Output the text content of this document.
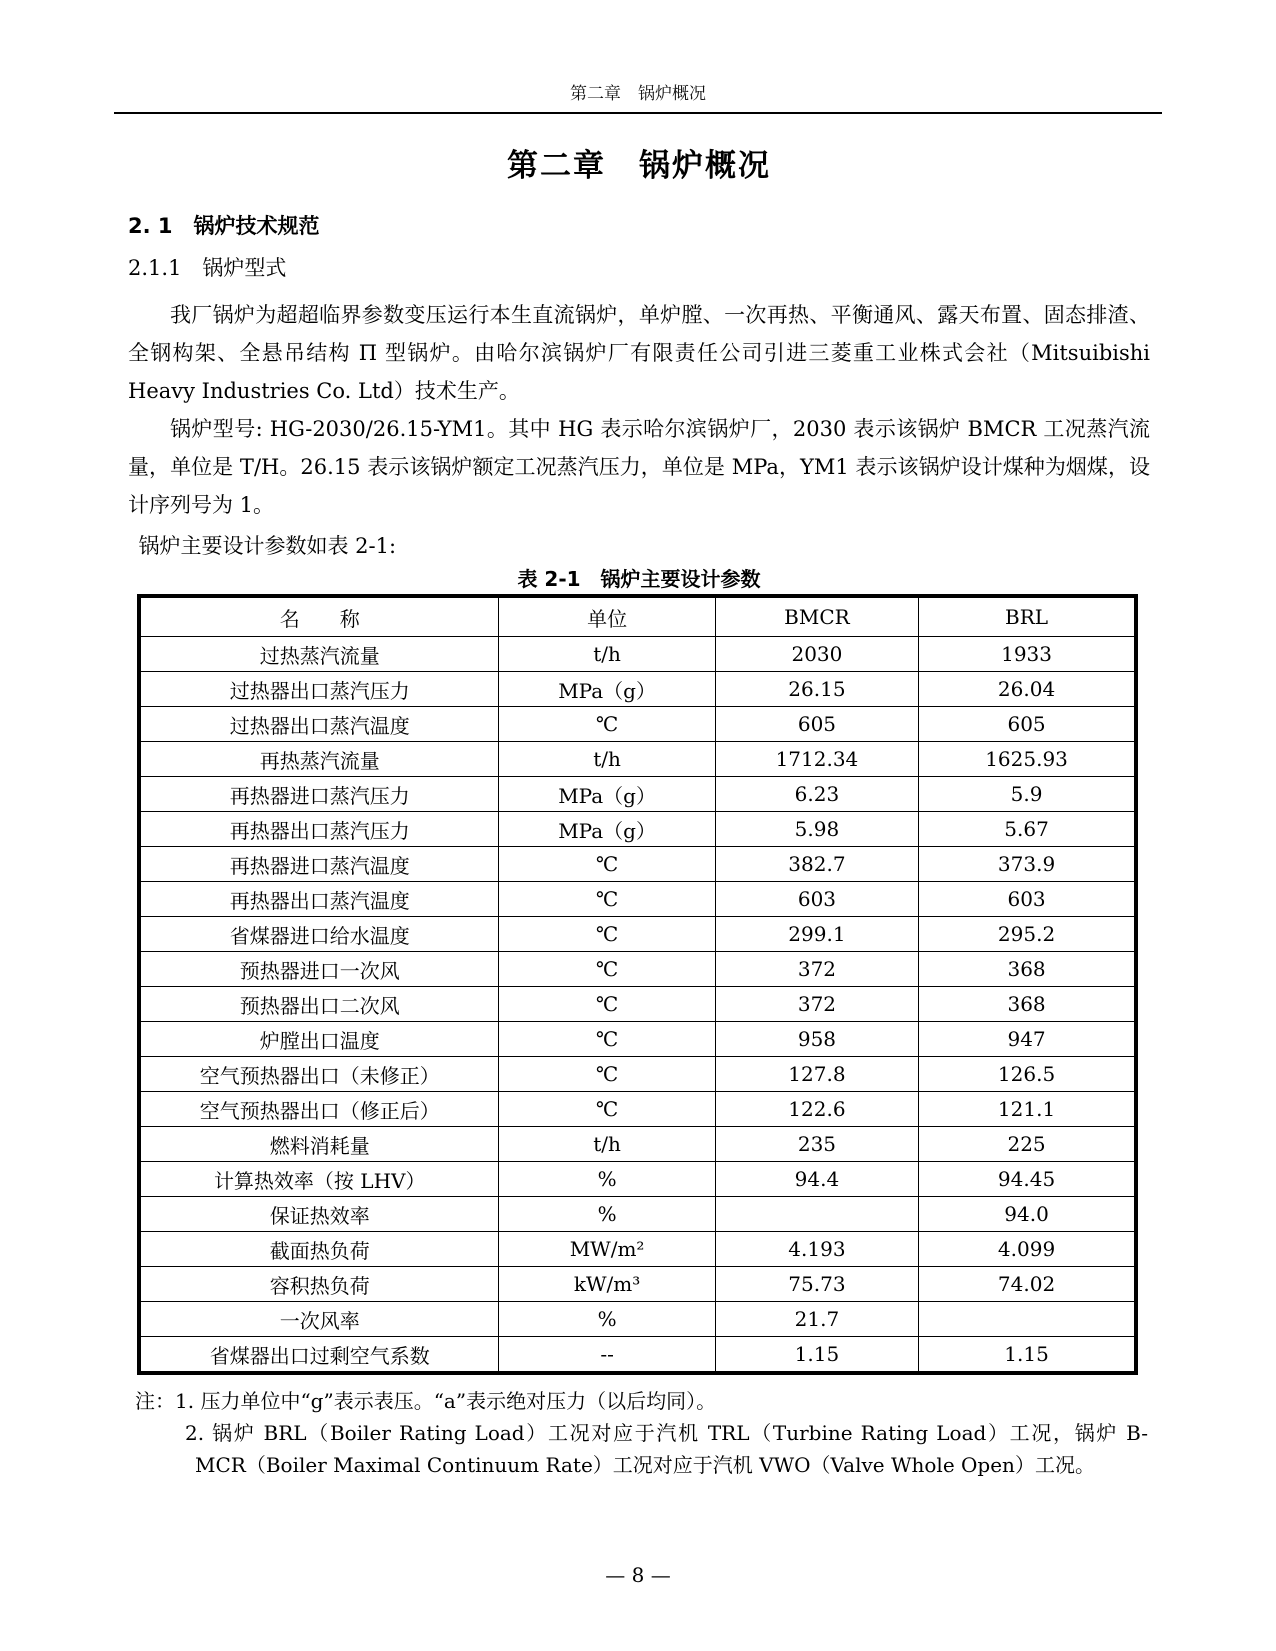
第二章　锅炉概况
第二章　锅炉概况
2. 1　锅炉技术规范
2.1.1　锅炉型式

我厂锅炉为超超临界参数变压运行本生直流锅炉，单炉膛、一次再热、平衡通风、露天布置、固态排渣、全钢构架、全悬吊结构 Π 型锅炉。由哈尔滨锅炉厂有限责任公司引进三菱重工业株式会社（Mitsuibishi Heavy Industries Co. Ltd）技术生产。

锅炉型号: HG-2030/26.15-YM1。其中 HG 表示哈尔滨锅炉厂，2030 表示该锅炉 BMCR 工况蒸汽流量，单位是 T/H。26.15 表示该锅炉额定工况蒸汽压力，单位是 MPa，YM1 表示该锅炉设计煤种为烟煤，设计序列号为 1。

锅炉主要设计参数如表 2-1:

表 2-1　锅炉主要设计参数
名　　称	单位	BMCR	BRL
过热蒸汽流量	t/h	2030	1933
过热器出口蒸汽压力	MPa（g）	26.15	26.04
过热器出口蒸汽温度	℃	605	605
再热蒸汽流量	t/h	1712.34	1625.93
再热器进口蒸汽压力	MPa（g）	6.23	5.9
再热器出口蒸汽压力	MPa（g）	5.98	5.67
再热器进口蒸汽温度	℃	382.7	373.9
再热器出口蒸汽温度	℃	603	603
省煤器进口给水温度	℃	299.1	295.2
预热器进口一次风	℃	372	368
预热器出口二次风	℃	372	368
炉膛出口温度	℃	958	947
空气预热器出口（未修正）	℃	127.8	126.5
空气预热器出口（修正后）	℃	122.6	121.1
燃料消耗量	t/h	235	225
计算热效率（按 LHV）	%	94.4	94.45
保证热效率	%		94.0
截面热负荷	MW/m²	4.193	4.099
容积热负荷	kW/m³	75.73	74.02
一次风率	%	21.7	
省煤器出口过剩空气系数	--	1.15	1.15

注：1. 压力单位中“g”表示表压。“a”表示绝对压力（以后均同）。

2. 锅炉 BRL（Boiler Rating Load）工况对应于汽机 TRL（Turbine Rating Load）工况，锅炉 B-MCR（Boiler Maximal Continuum Rate）工况对应于汽机 VWO（Valve Whole Open）工况。

— 8 —
